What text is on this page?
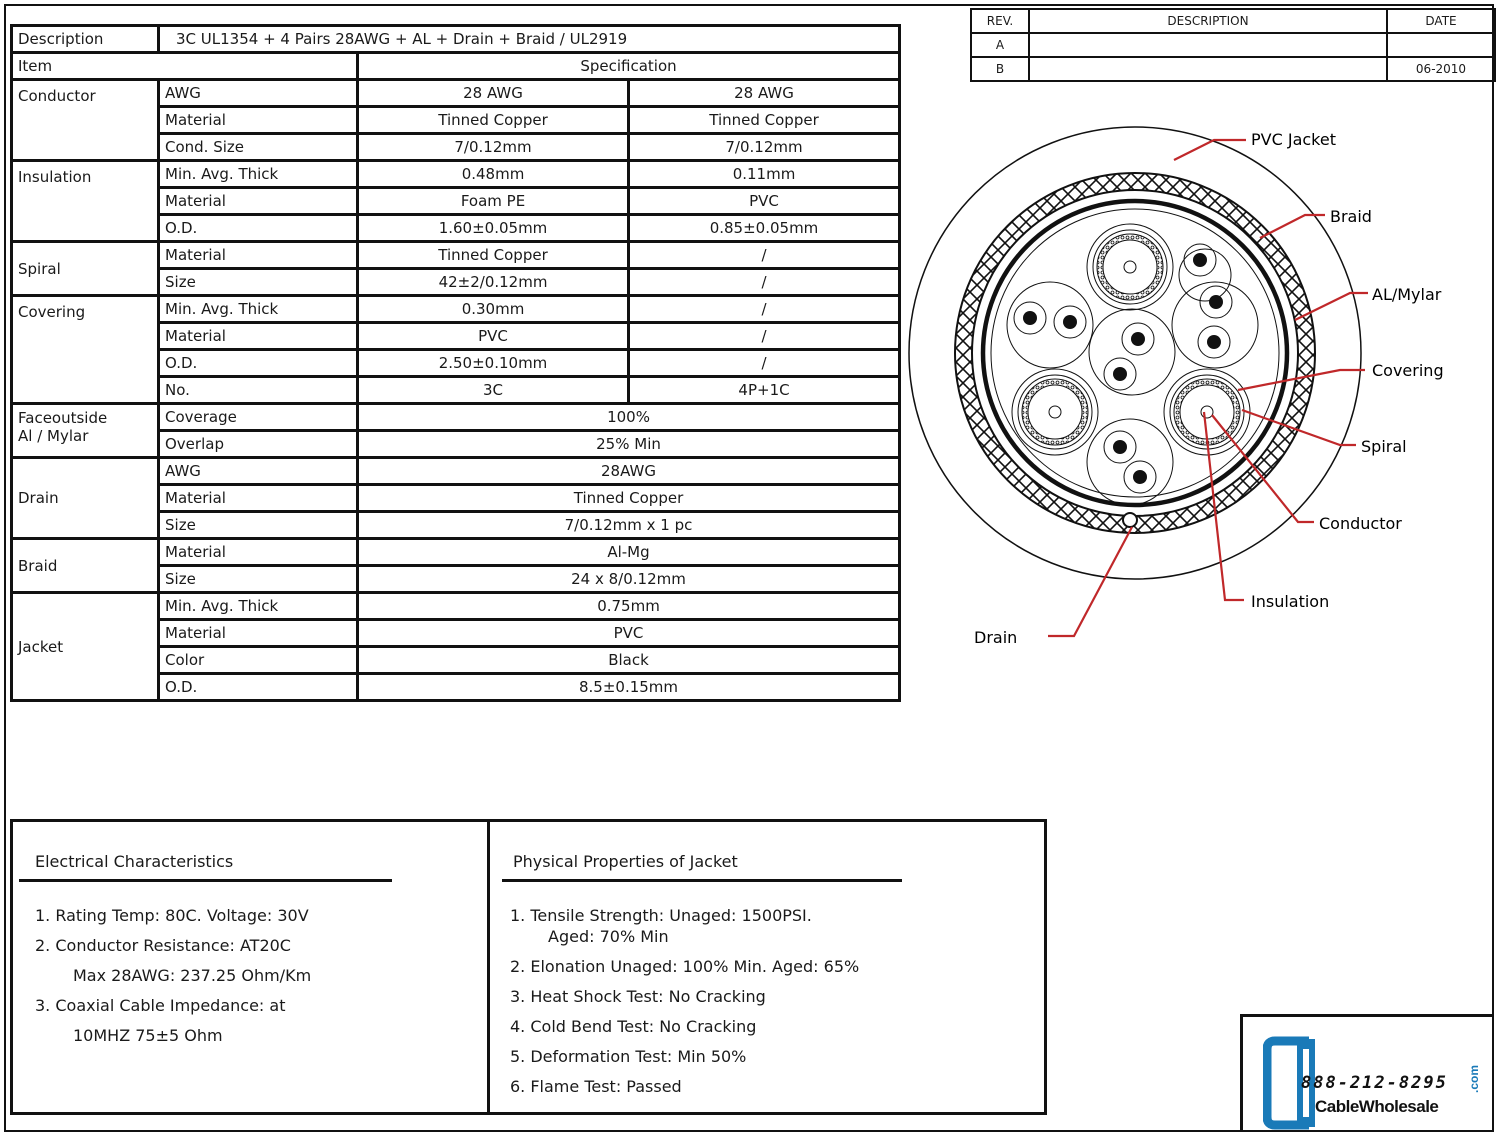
REV.	DESCRIPTION	DATE
A		
B		06-2010
Description	3C UL1354 + 4 Pairs 28AWG + AL + Drain + Braid / UL2919		
Item		Specification	
Conductor	AWG	28 AWG	28 AWG
	Material	Tinned Copper	Tinned Copper
	Cond. Size	7/0.12mm	7/0.12mm
Insulation	Min. Avg. Thick	0.48mm	0.11mm
	Material	Foam PE	PVC
	O.D.	1.60±0.05mm	0.85±0.05mm
Spiral	Material	Tinned Copper	/
	Size	42±2/0.12mm	/
Covering	Min. Avg. Thick	0.30mm	/
	Material	PVC	/
	O.D.	2.50±0.10mm	/
	No.	3C	4P+1C
Faceoutside
Al / Mylar	Coverage	100%	
	Overlap	25% Min	
Drain	AWG	28AWG	
	Material	Tinned Copper	
	Size	7/0.12mm x 1 pc	
Braid	Material	Al-Mg	
	Size	24 x 8/0.12mm	
Jacket	Min. Avg. Thick	0.75mm	
	Material	PVC	
	Color	Black	
	O.D.	8.5±0.15mm	
PVC Jacket
Braid
AL/Mylar
Covering
Spiral
Conductor
Insulation
Drain
Electrical Characteristics
1. Rating Temp: 80C. Voltage: 30V
2. Conductor Resistance: AT20C
Max 28AWG: 237.25 Ohm/Km
3. Coaxial Cable Impedance: at
10MHZ 75±5 Ohm
Physical Properties of Jacket
1. Tensile Strength: Unaged: 1500PSI.
Aged: 70% Min
2. Elonation Unaged: 100% Min. Aged: 65%
3. Heat Shock Test: No Cracking
4. Cold Bend Test: No Cracking
5. Deformation Test: Min 50%
6. Flame Test: Passed	888-212-8295
CableWholesale
.com
